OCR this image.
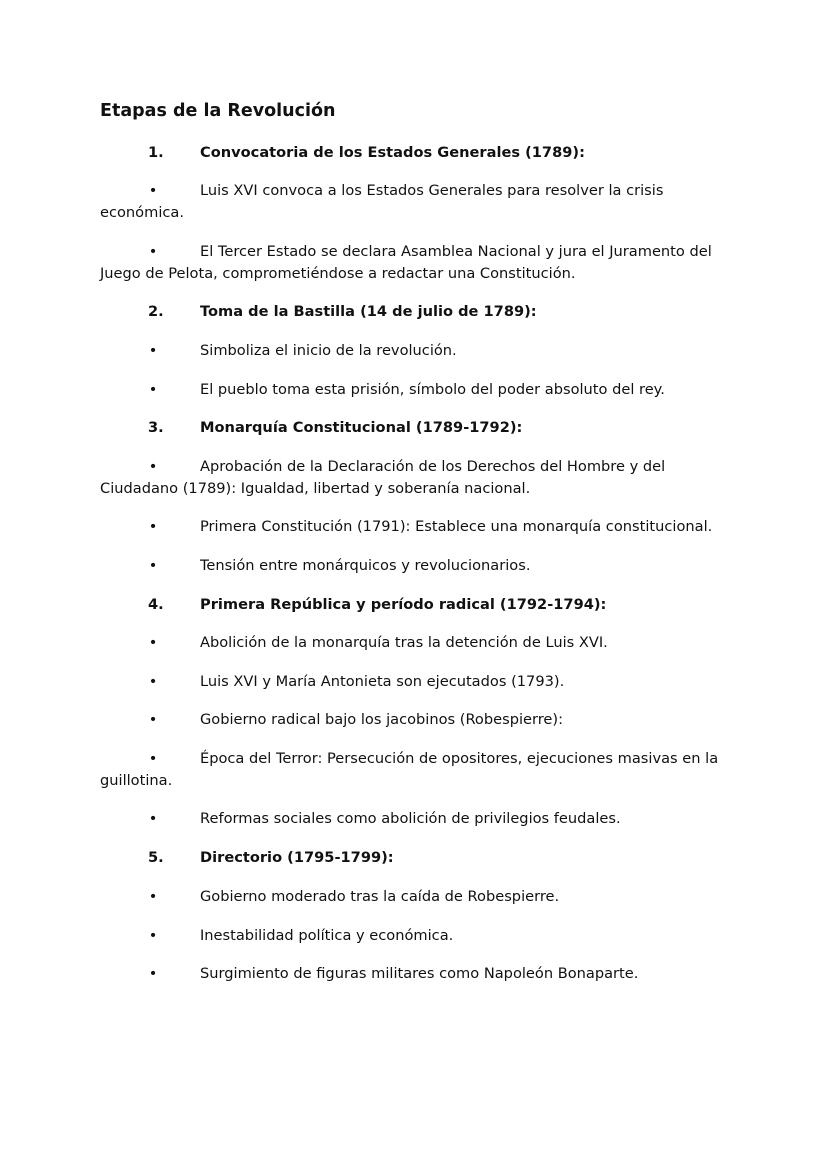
Etapas de la Revolución
1. Convocatoria de los Estados Generales (1789):
•	Luis XVI convoca a los Estados Generales para resolver la crisis
económica.
•	El Tercer Estado se declara Asamblea Nacional y jura el Juramento del
Juego de Pelota, comprometiéndose a redactar una Constitución.
2. Toma de la Bastilla (14 de julio de 1789):
•	Simboliza el inicio de la revolución.
•	El pueblo toma esta prisión, símbolo del poder absoluto del rey.
3. Monarquía Constitucional (1789-1792):
•	Aprobación de la Declaración de los Derechos del Hombre y del
Ciudadano (1789): Igualdad, libertad y soberanía nacional.
•	Primera Constitución (1791): Establece una monarquía constitucional.
•	Tensión entre monárquicos y revolucionarios.
4. Primera República y período radical (1792-1794):
•	Abolición de la monarquía tras la detención de Luis XVI.
•	Luis XVI y María Antonieta son ejecutados (1793).
•	Gobierno radical bajo los jacobinos (Robespierre):
•	Época del Terror: Persecución de opositores, ejecuciones masivas en la
guillotina.
•	Reformas sociales como abolición de privilegios feudales.
5. Directorio (1795-1799):
•	Gobierno moderado tras la caída de Robespierre.
•	Inestabilidad política y económica.
•	Surgimiento de figuras militares como Napoleón Bonaparte.
